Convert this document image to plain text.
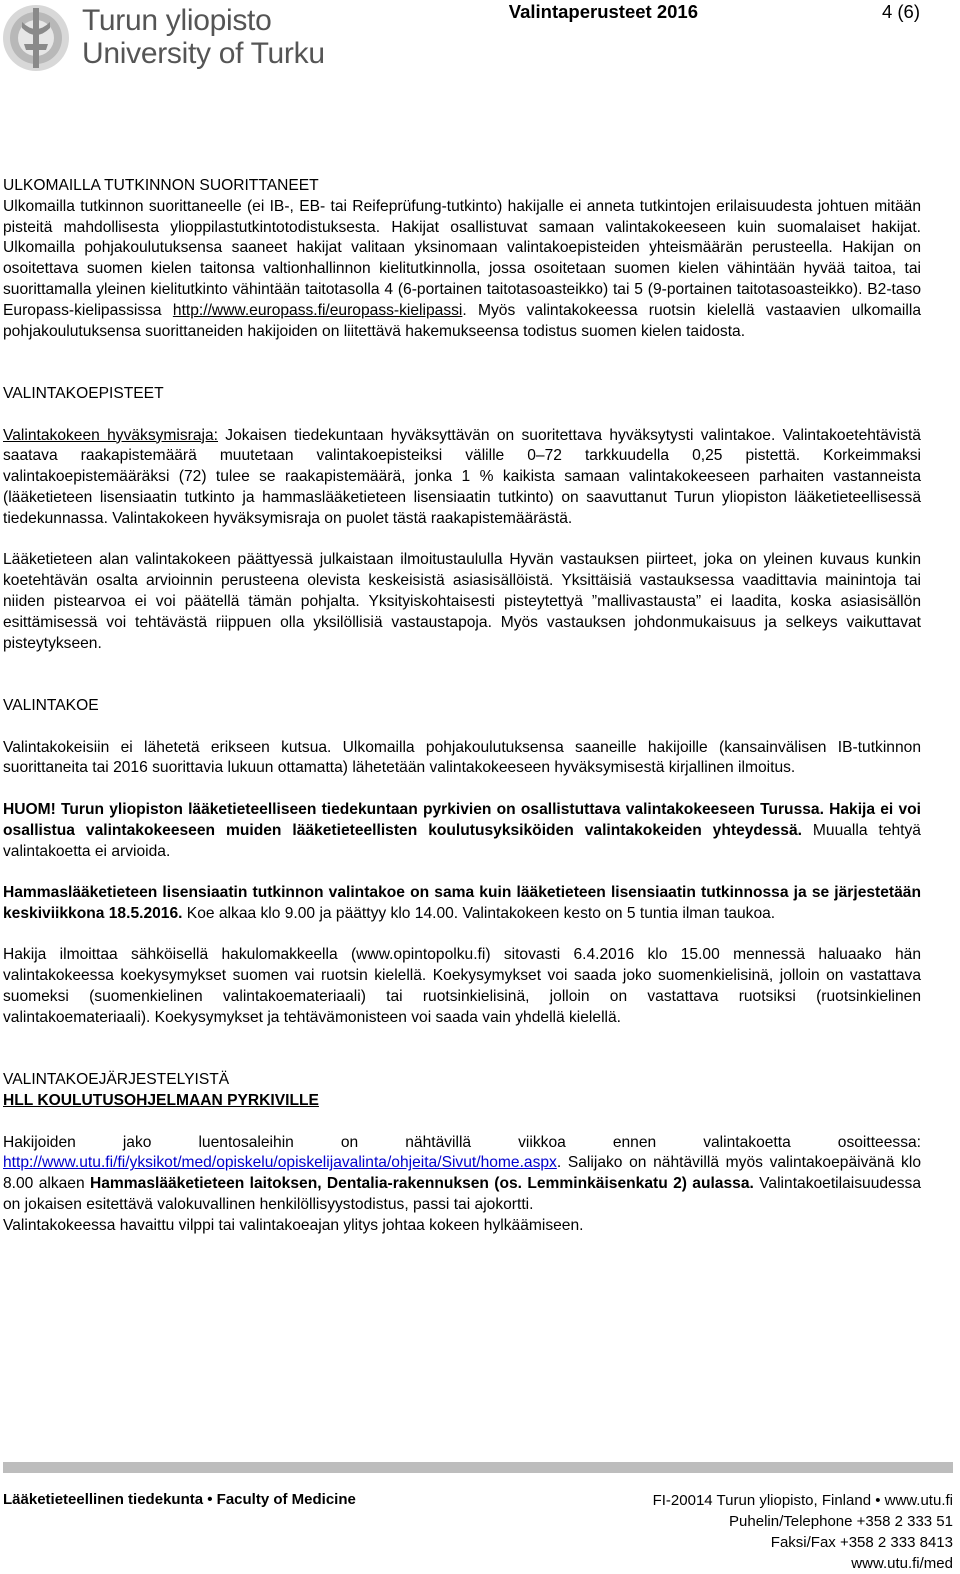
Turun yliopisto
University of Turku
Valintaperusteet 2016	4 (6)
ULKOMAILLA TUTKINNON SUORITTANEET

Ulkomailla tutkinnon suorittaneelle (ei IB-, EB- tai Reifeprüfung-tutkinto) hakijalle ei anneta tutkintojen erilaisuudesta johtuen mitään pisteitä mahdollisesta ylioppilastutkintotodistuksesta. Hakijat osallistuvat samaan valintakokeeseen kuin suomalaiset hakijat. Ulkomailla pohjakoulutuksensa saaneet hakijat valitaan yksinomaan valintakoepisteiden yhteismäärän perusteella. Hakijan on osoitettava suomen kielen taitonsa valtionhallinnon kielitutkinnolla, jossa osoitetaan suomen kielen vähintään hyvää taitoa, tai suorittamalla yleinen kielitutkinto vähintään taitotasolla 4 (6-portainen taitotasoasteikko) tai 5 (9-portainen taitotasoasteikko). B2-taso Europass-kielipassissa http://www.europass.fi/europass-kielipassi. Myös valintakokeessa ruotsin kielellä vastaavien ulkomailla pohjakoulutuksensa suorittaneiden hakijoiden on liitettävä hakemukseensa todistus suomen kielen taidosta.

VALINTAKOEPISTEET

Valintakokeen hyväksymisraja: Jokaisen tiedekuntaan hyväksyttävän on suoritettava hyväksytysti valintakoe. Valintakoetehtävistä saatava raakapistemäärä muutetaan valintakoepisteiksi välille 0–72 tarkkuudella 0,25 pistettä. Korkeimmaksi valintakoepistemääräksi (72) tulee se raakapistemäärä, jonka 1 % kaikista samaan valintakokeeseen parhaiten vastanneista (lääketieteen lisensiaatin tutkinto ja hammaslääketieteen lisensiaatin tutkinto) on saavuttanut Turun yliopiston lääketieteellisessä tiedekunnassa. Valintakokeen hyväksymisraja on puolet tästä raakapistemäärästä.

Lääketieteen alan valintakokeen päättyessä julkaistaan ilmoitustaululla Hyvän vastauksen piirteet, joka on yleinen kuvaus kunkin koetehtävän osalta arvioinnin perusteena olevista keskeisistä asiasisällöistä. Yksittäisiä vastauksessa vaadittavia mainintoja tai niiden pistearvoa ei voi päätellä tämän pohjalta. Yksityiskohtaisesti pisteytettyä ”mallivastausta” ei laadita, koska asiasisällön esittämisessä voi tehtävästä riippuen olla yksilöllisiä vastaustapoja. Myös vastauksen johdonmukaisuus ja selkeys vaikuttavat pisteytykseen.

VALINTAKOE

Valintakokeisiin ei lähetetä erikseen kutsua. Ulkomailla pohjakoulutuksensa saaneille hakijoille (kansainvälisen IB-tutkinnon suorittaneita tai 2016 suorittavia lukuun ottamatta) lähetetään valintakokeeseen hyväksymisestä kirjallinen ilmoitus.

HUOM! Turun yliopiston lääketieteelliseen tiedekuntaan pyrkivien on osallistuttava valintakokeeseen Turussa. Hakija ei voi osallistua valintakokeeseen muiden lääketieteellisten koulutusyksiköiden valintakokeiden yhteydessä. Muualla tehtyä valintakoetta ei arvioida.

Hammaslääketieteen lisensiaatin tutkinnon valintakoe on sama kuin lääketieteen lisensiaatin tutkinnossa ja se järjestetään keskiviikkona 18.5.2016. Koe alkaa klo 9.00 ja päättyy klo 14.00. Valintakokeen kesto on 5 tuntia ilman taukoa.

Hakija ilmoittaa sähköisellä hakulomakkeella (www.opintopolku.fi) sitovasti 6.4.2016 klo 15.00 mennessä haluaako hän valintakokeessa koekysymykset suomen vai ruotsin kielellä. Koekysymykset voi saada joko suomenkielisinä, jolloin on vastattava suomeksi (suomenkielinen valintakoemateriaali) tai ruotsinkielisinä, jolloin on vastattava ruotsiksi (ruotsinkielinen valintakoemateriaali). Koekysymykset ja tehtävämonisteen voi saada vain yhdellä kielellä.

VALINTAKOEJÄRJESTELYISTÄ
HLL KOULUTUSOHJELMAAN PYRKIVILLE

Hakijoiden jako luentosaleihin on nähtävillä viikkoa ennen valintakoetta osoitteessa: http://www.utu.fi/fi/yksikot/med/opiskelu/opiskelijavalinta/ohjeita/Sivut/home.aspx. Salijako on nähtävillä myös valintakoepäivänä klo 8.00 alkaen Hammaslääketieteen laitoksen, Dentalia-rakennuksen (os. Lemminkäisenkatu 2) aulassa. Valintakoetilaisuudessa on jokaisen esitettävä valokuvallinen henkilöllisyystodistus, passi tai ajokortti.

Valintakokeessa havaittu vilppi tai valintakoeajan ylitys johtaa kokeen hylkäämiseen.

Lääketieteellinen tiedekunta • Faculty of Medicine	FI-20014 Turun yliopisto, Finland • www.utu.fi
Puhelin/Telephone +358 2 333 51
Faksi/Fax +358 2 333 8413
www.utu.fi/med
